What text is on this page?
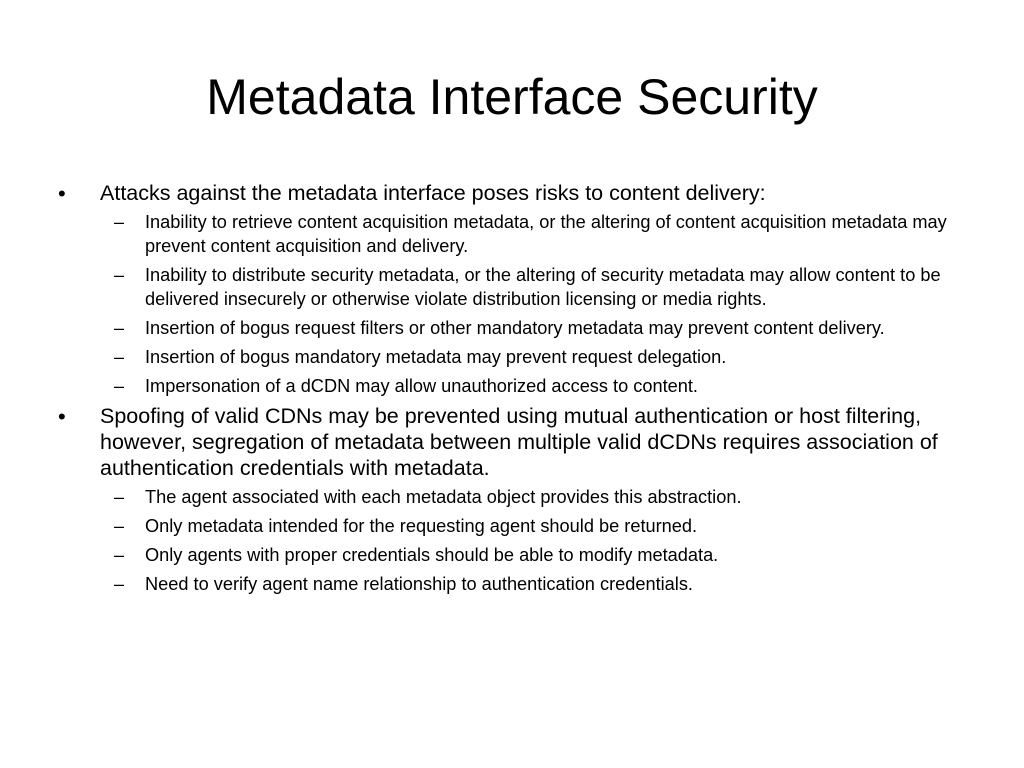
Metadata Interface Security
• Attacks against the metadata interface poses risks to content delivery:
– Inability to retrieve content acquisition metadata, or the altering of content acquisition metadata may prevent content acquisition and delivery.
– Inability to distribute security metadata, or the altering of security metadata may allow content to be delivered insecurely or otherwise violate distribution licensing or media rights.
– Insertion of bogus request filters or other mandatory metadata may prevent content delivery.
– Insertion of bogus mandatory metadata may prevent request delegation.
– Impersonation of a dCDN may allow unauthorized access to content.
• Spoofing of valid CDNs may be prevented using mutual authentication or host filtering, however, segregation of metadata between multiple valid dCDNs requires association of authentication credentials with metadata.
– The agent associated with each metadata object provides this abstraction.
– Only metadata intended for the requesting agent should be returned.
– Only agents with proper credentials should be able to modify metadata.
– Need to verify agent name relationship to authentication credentials.
